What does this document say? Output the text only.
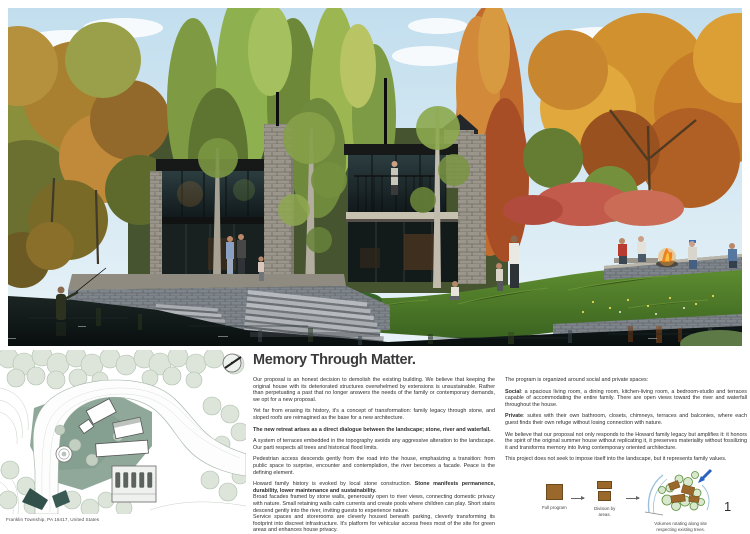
Franklin Township, PA 16417, United States
Memory Through Matter.

Our proposal is an honest decision to demolish the existing building. We believe that keeping the original house with its deteriorated structures overwhelmed by extensions is unsustainable. Rather than perpetuating a past that no longer answers the needs of the family or contemporary demands, we opt for a new proposal.

Yet far from erasing its history, it's a concept of transformation: family legacy through stone, and sloped roofs are reimagined as the base for a new architecture.

The new retreat arises as a direct dialogue between the landscape; stone, river and waterfall.

A system of terraces embedded in the topography avoids any aggressive alteration to the landscape. Our parti respects all trees and historical flood limits.

Pedestrian access descends gently from the road into the house, emphasizing a transition: from public space to surprise, encounter and contemplation, the river becomes a facade. Peace is the defining element.

Howard family history is evoked by local stone construction. Stone manifests permanence, durability, lower maintenance and sustainability.

Broad facades framed by stone walls, generously open to river views, connecting domestic privacy with nature. Small retaining walls calm currents and create pools where children can play. Short stairs descend gently into the river, inviting guests to experience nature.

Service spaces and storerooms are cleverly housed beneath parking, cleverly transforming its footprint into discreet infrastructure. It's platform for vehicular access frees most of the site for green areas and enhances house privacy.

The program is organized around social and private spaces:

Social: a spacious living room, a dining room, kitchen-living room, a bedroom-studio and terraces capable of accommodating the entire family. There are open views toward the river and waterfall throughout the house.

Private: suites with their own bathroom, closets, chimneys, terraces and balconies, where each guest finds their own refuge without losing connection with nature.

We believe that our proposal not only responds to the Howard family legacy but amplifies it: it honors the spirit of the original summer house without replicating it, it preserves materiality without fossilizing it and transforms memory into living contemporary oriented architecture.

This project does not seek to impose itself into the landscape, but it represents family values.

Full program	Division by areas.
Volumes rotating along site respecting existing trees.
1
